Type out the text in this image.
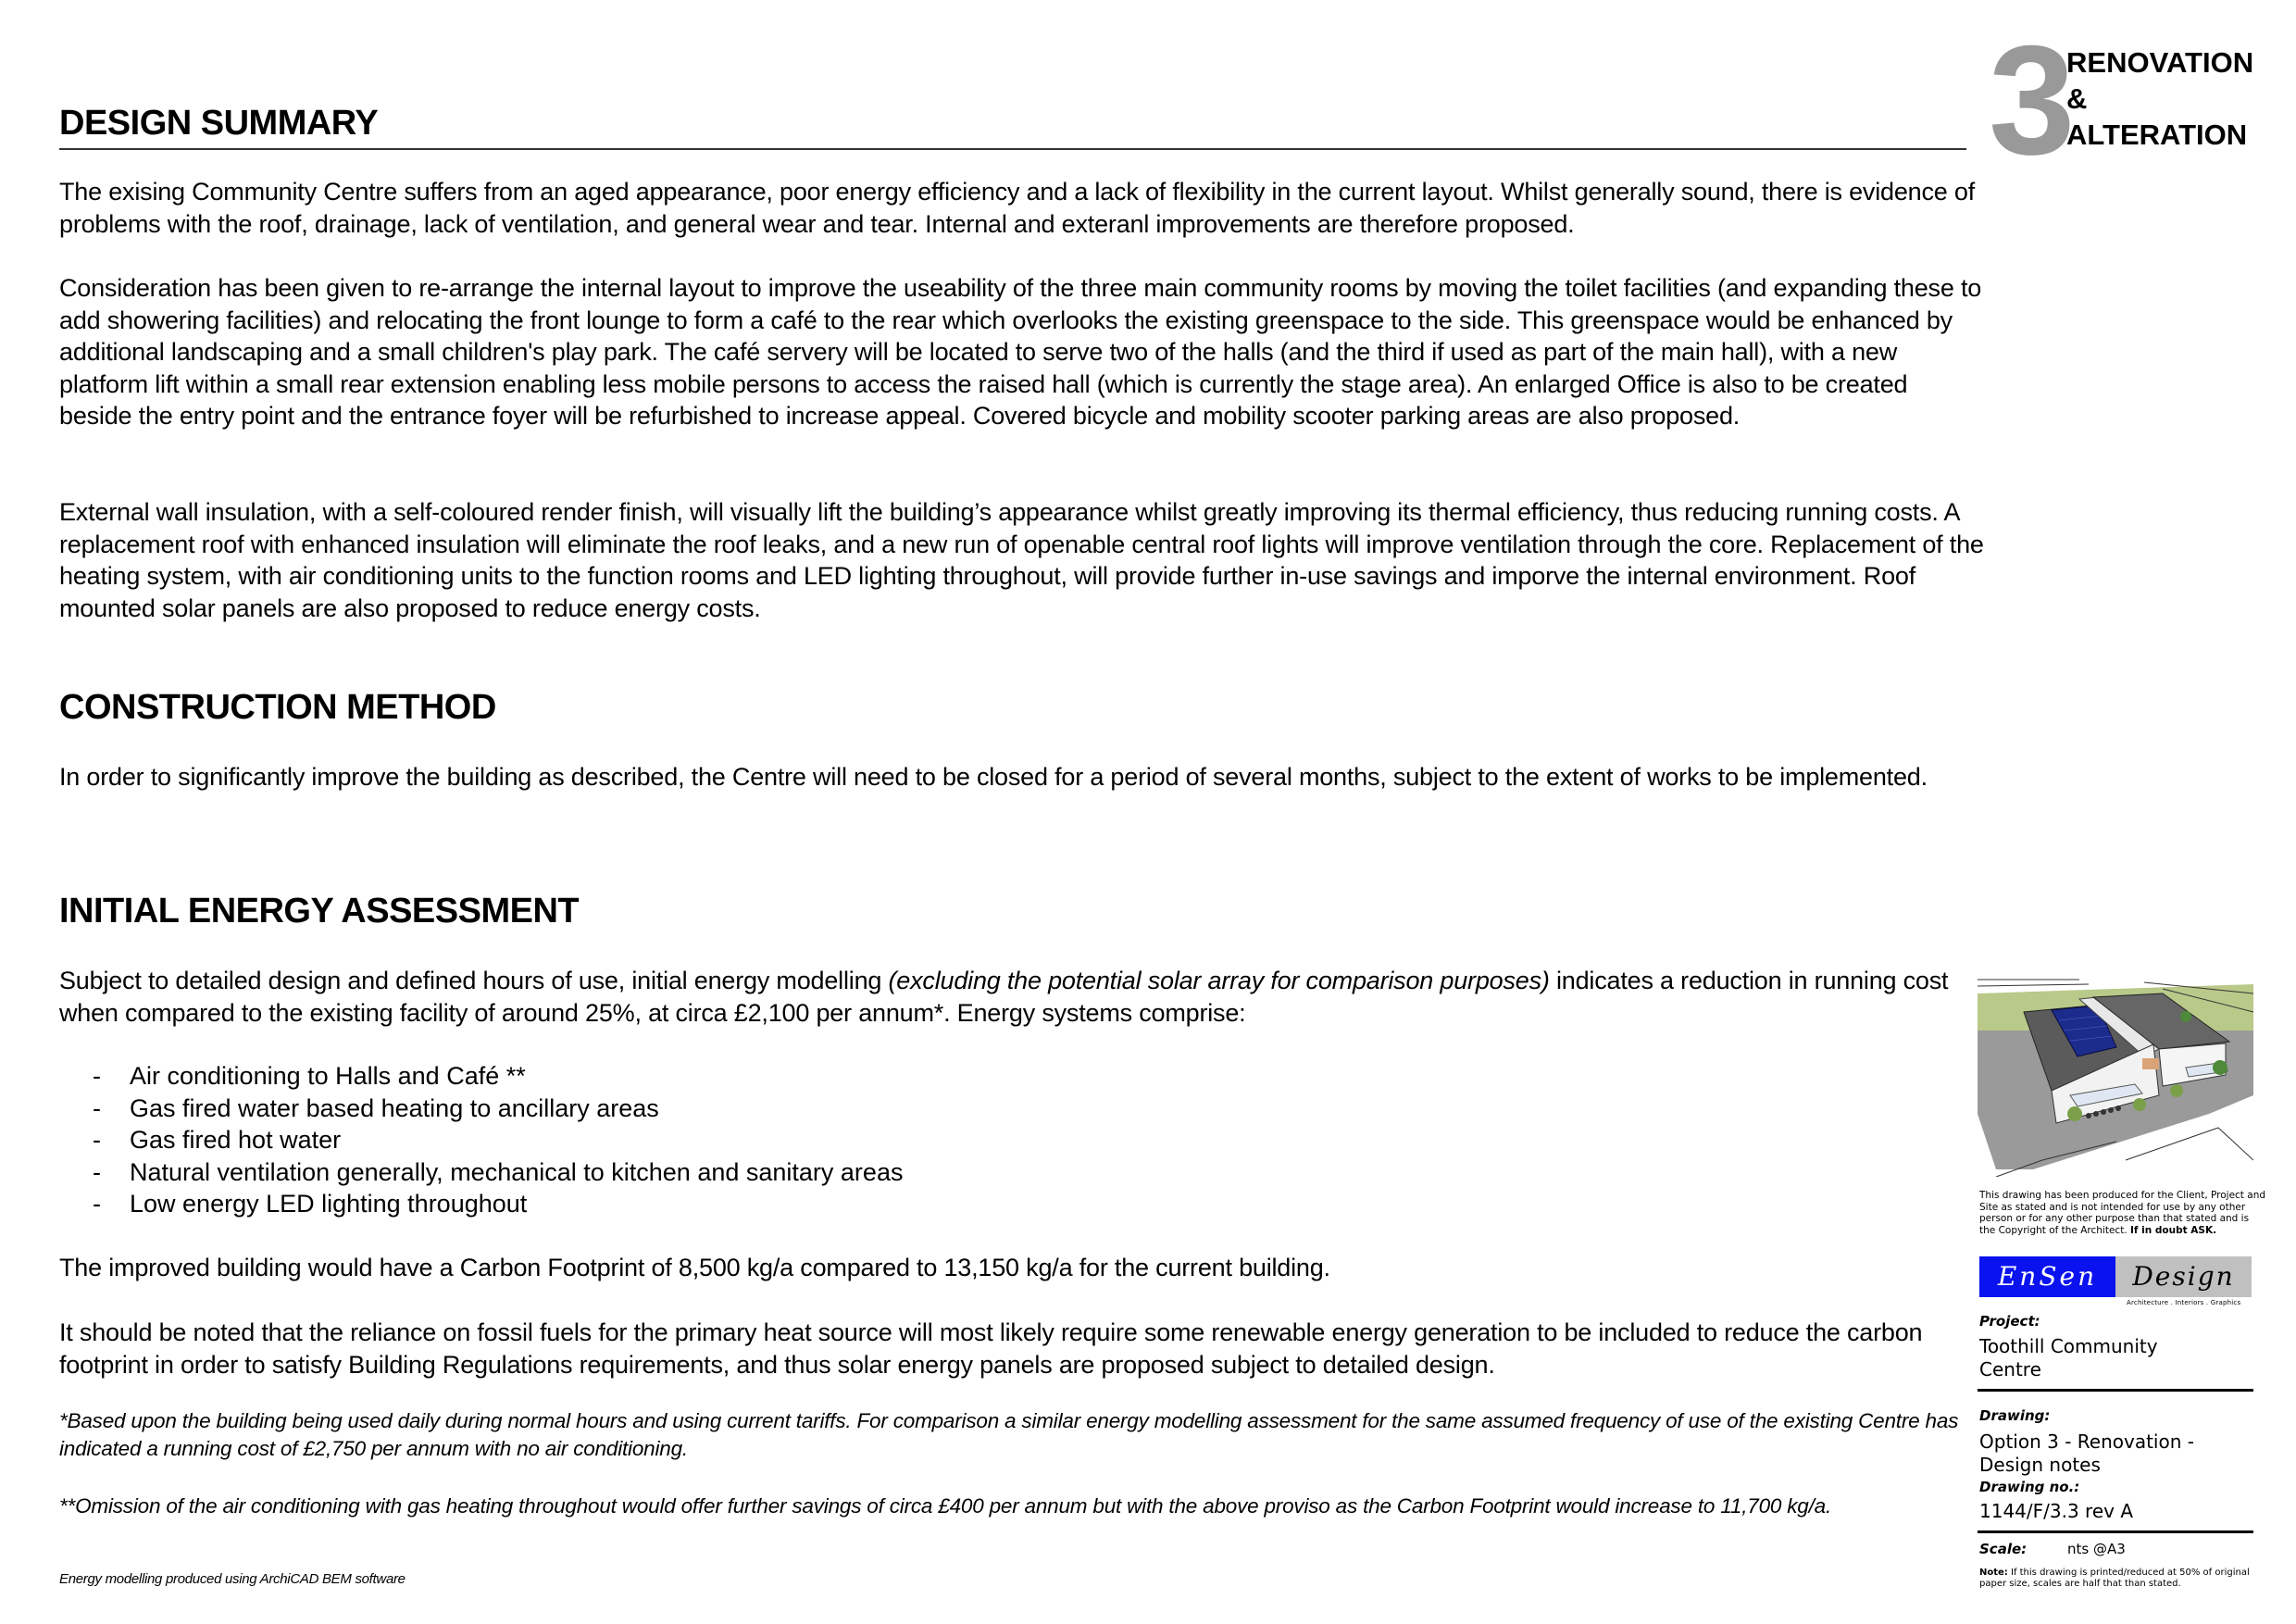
3
RENOVATION
&
ALTERATION
DESIGN SUMMARY

The exising Community Centre suffers from an aged appearance, poor energy efficiency and a lack of flexibility in the current layout. Whilst generally sound, there is evidence of problems with the roof, drainage, lack of ventilation, and general wear and tear. Internal and exteranl improvements are therefore proposed.

Consideration has been given to re-arrange the internal layout to improve the useability of the three main community rooms by moving the toilet facilities (and expanding these to add showering facilities) and relocating the front lounge to form a café to the rear which overlooks the existing greenspace to the side. This greenspace would be enhanced by additional landscaping and a small children's play park. The café servery will be located to serve two of the halls (and the third if used as part of the main hall), with a new platform lift within a small rear extension enabling less mobile persons to access the raised hall (which is currently the stage area). An enlarged Office is also to be created beside the entry point and the entrance foyer will be refurbished to increase appeal. Covered bicycle and mobility scooter parking areas are also proposed.

External wall insulation, with a self-coloured render finish, will visually lift the building’s appearance whilst greatly improving its thermal efficiency, thus reducing running costs. A replacement roof with enhanced insulation will eliminate the roof leaks, and a new run of openable central roof lights will improve ventilation through the core. Replacement of the heating system, with air conditioning units to the function rooms and LED lighting throughout, will provide further in-use savings and imporve the internal environment. Roof mounted solar panels are also proposed to reduce energy costs.

CONSTRUCTION METHOD

In order to significantly improve the building as described, the Centre will need to be closed for a period of several months, subject to the extent of works to be implemented.

INITIAL ENERGY ASSESSMENT

Subject to detailed design and defined hours of use, initial energy modelling (excluding the potential solar array for comparison purposes) indicates a reduction in running cost when compared to the existing facility of around 25%, at circa £2,100 per annum*. Energy systems comprise:

- Air conditioning to Halls and Café **
- Gas fired water based heating to ancillary areas
- Gas fired hot water
- Natural ventilation generally, mechanical to kitchen and sanitary areas
- Low energy LED lighting throughout

The improved building would have a Carbon Footprint of 8,500 kg/a compared to 13,150 kg/a for the current building.

It should be noted that the reliance on fossil fuels for the primary heat source will most likely require some renewable energy generation to be included to reduce the carbon footprint in order to satisfy Building Regulations requirements, and thus solar energy panels are proposed subject to detailed design.

*Based upon the building being used daily during normal hours and using current tariffs. For comparison a similar energy modelling assessment for the same assumed frequency of use of the existing Centre has indicated a running cost of £2,750 per annum with no air conditioning.

**Omission of the air conditioning with gas heating throughout would offer further savings of circa £400 per annum but with the above proviso as the Carbon Footprint would increase to 11,700 kg/a.

Energy modelling produced using ArchiCAD BEM software

This drawing has been produced for the Client, Project and Site as stated and is not intended for use by any other person or for any other purpose than that stated and is the Copyright of the Architect. If in doubt ASK.

EnSen	Design
Architecture . Interiors . Graphics
Project:
Toothill Community Centre
Drawing:
Option 3 - Renovation - Design notes
Drawing no.:
1144/F/3.3 rev A
Scale:	nts @A3

Note: If this drawing is printed/reduced at 50% of original paper size, scales are half that than stated.
